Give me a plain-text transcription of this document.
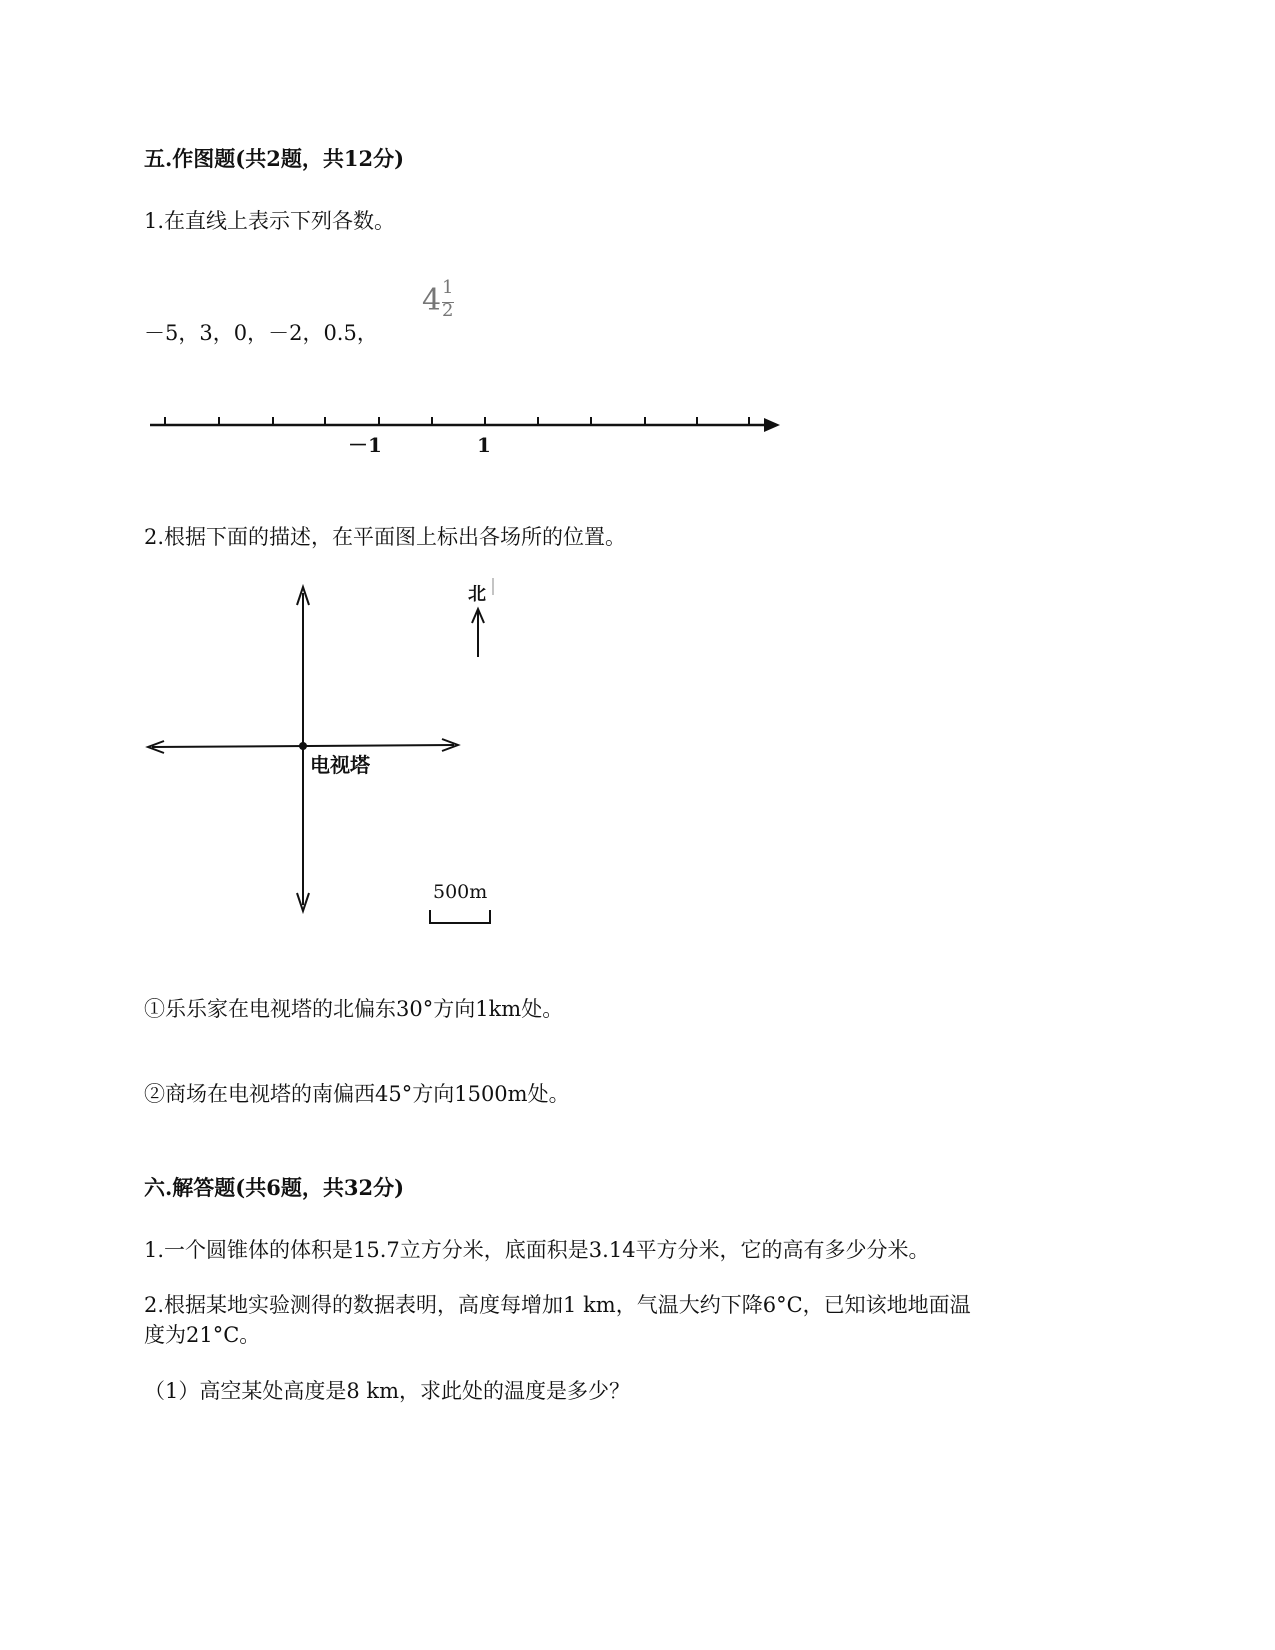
五.作图题(共2题，共12分)
1.在直线上表示下列各数。
－5，3，0，－2，0.5，
4 1
2
－1	1
2.根据下面的描述，在平面图上标出各场所的位置。
电视塔
北
500m
①乐乐家在电视塔的北偏东30°方向1km处。
②商场在电视塔的南偏西45°方向1500m处。
六.解答题(共6题，共32分)
1.一个圆锥体的体积是15.7立方分米，底面积是3.14平方分米，它的高有多少分米。
2.根据某地实验测得的数据表明，高度每增加1 km，气温大约下降6°C，已知该地地面温
度为21°C。
（1）高空某处高度是8 km，求此处的温度是多少？
